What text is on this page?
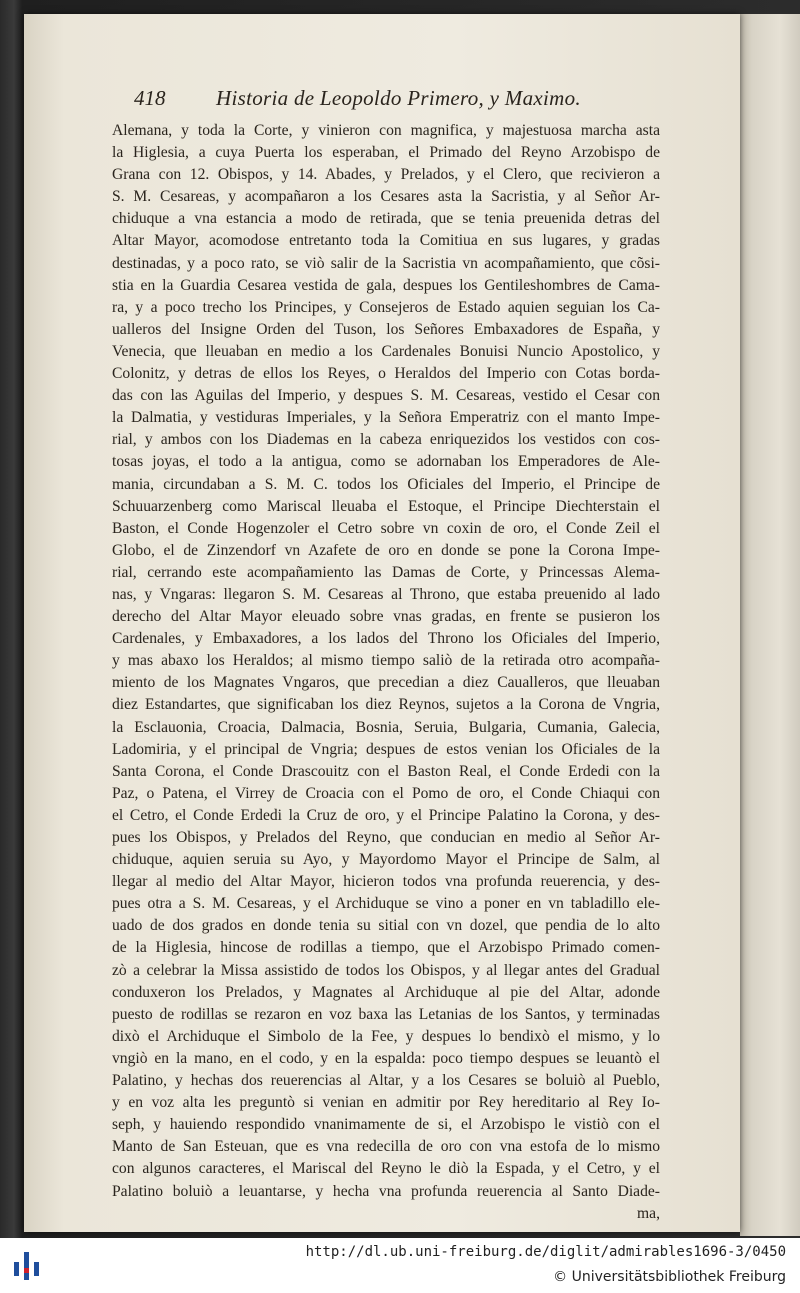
418 Historia de Leopoldo Primero, y Maximo.
Alemana, y toda la Corte, y vinieron con magnifica, y majestuosa marcha asta
la Higlesia, a cuya Puerta los esperaban, el Primado del Reyno Arzobispo de
Grana con 12. Obispos, y 14. Abades, y Prelados, y el Clero, que recivieron a
S. M. Cesareas, y acompañaron a los Cesares asta la Sacristia, y al Señor Ar-
chiduque a vna estancia a modo de retirada, que se tenia preuenida detras del
Altar Mayor, acomodose entretanto toda la Comitiua en sus lugares, y gradas
destinadas, y a poco rato, se viò salir de la Sacristia vn acompañamiento, que cõsi-
stia en la Guardia Cesarea vestida de gala, despues los Gentileshombres de Cama-
ra, y a poco trecho los Principes, y Consejeros de Estado aquien seguian los Ca-
ualleros del Insigne Orden del Tuson, los Señores Embaxadores de España, y
Venecia, que lleuaban en medio a los Cardenales Bonuisi Nuncio Apostolico, y
Colonitz, y detras de ellos los Reyes, o Heraldos del Imperio con Cotas borda-
das con las Aguilas del Imperio, y despues S. M. Cesareas, vestido el Cesar con
la Dalmatia, y vestiduras Imperiales, y la Señora Emperatriz con el manto Impe-
rial, y ambos con los Diademas en la cabeza enriquezidos los vestidos con cos-
tosas joyas, el todo a la antigua, como se adornaban los Emperadores de Ale-
mania, circundaban a S. M. C. todos los Oficiales del Imperio, el Principe de
Schuuarzenberg como Mariscal lleuaba el Estoque, el Principe Diechterstain el
Baston, el Conde Hogenzoler el Cetro sobre vn coxin de oro, el Conde Zeil el
Globo, el de Zinzendorf vn Azafete de oro en donde se pone la Corona Impe-
rial, cerrando este acompañamiento las Damas de Corte, y Princessas Alema-
nas, y Vngaras: llegaron S. M. Cesareas al Throno, que estaba preuenido al lado
derecho del Altar Mayor eleuado sobre vnas gradas, en frente se pusieron los
Cardenales, y Embaxadores, a los lados del Throno los Oficiales del Imperio,
y mas abaxo los Heraldos; al mismo tiempo saliò de la retirada otro acompaña-
miento de los Magnates Vngaros, que precedian a diez Caualleros, que lleuaban
diez Estandartes, que significaban los diez Reynos, sujetos a la Corona de Vngria,
la Esclauonia, Croacia, Dalmacia, Bosnia, Seruia, Bulgaria, Cumania, Galecia,
Ladomiria, y el principal de Vngria; despues de estos venian los Oficiales de la
Santa Corona, el Conde Drascouitz con el Baston Real, el Conde Erdedi con la
Paz, o Patena, el Virrey de Croacia con el Pomo de oro, el Conde Chiaqui con
el Cetro, el Conde Erdedi la Cruz de oro, y el Principe Palatino la Corona, y des-
pues los Obispos, y Prelados del Reyno, que conducian en medio al Señor Ar-
chiduque, aquien seruia su Ayo, y Mayordomo Mayor el Principe de Salm, al
llegar al medio del Altar Mayor, hicieron todos vna profunda reuerencia, y des-
pues otra a S. M. Cesareas, y el Archiduque se vino a poner en vn tabladillo ele-
uado de dos grados en donde tenia su sitial con vn dozel, que pendia de lo alto
de la Higlesia, hincose de rodillas a tiempo, que el Arzobispo Primado comen-
zò a celebrar la Missa assistido de todos los Obispos, y al llegar antes del Gradual
conduxeron los Prelados, y Magnates al Archiduque al pie del Altar, adonde
puesto de rodillas se rezaron en voz baxa las Letanias de los Santos, y terminadas
dixò el Archiduque el Simbolo de la Fee, y despues lo bendixò el mismo, y lo
vngiò en la mano, en el codo, y en la espalda: poco tiempo despues se leuantò el
Palatino, y hechas dos reuerencias al Altar, y a los Cesares se boluiò al Pueblo,
y en voz alta les preguntò si venian en admitir por Rey hereditario al Rey Io-
seph, y hauiendo respondido vnanimamente de si, el Arzobispo le vistiò con el
Manto de San Esteuan, que es vna redecilla de oro con vna estofa de lo mismo
con algunos caracteres, el Mariscal del Reyno le diò la Espada, y el Cetro, y el
Palatino boluiò a leuantarse, y hecha vna profunda reuerencia al Santo Diade-
ma,
http://dl.ub.uni-freiburg.de/diglit/admirables1696-3/0450
© Universitätsbibliothek Freiburg
